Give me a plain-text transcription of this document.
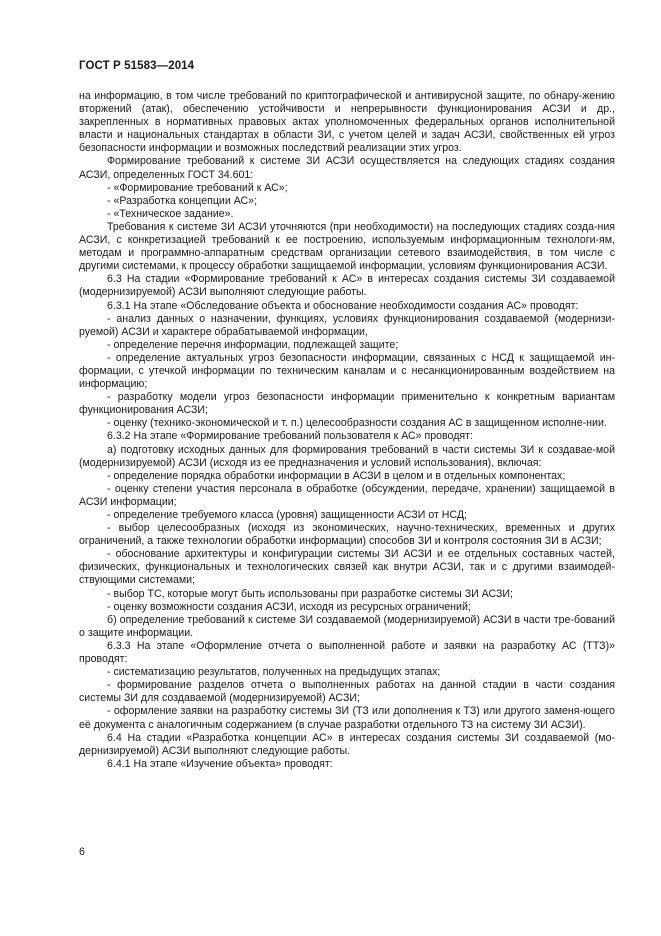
ГОСТ Р 51583—2014

на информацию, в том числе требований по криптографической и антивирусной защите, по обнару-жению вторжений (атак), обеспечению устойчивости и непрерывности функционирования АСЗИ и др., закрепленных в нормативных правовых актах уполномоченных федеральных органов исполнительной власти и национальных стандартах в области ЗИ, с учетом целей и задач АСЗИ, свойственных ей угроз безопасности информации и возможных последствий реализации этих угроз.

Формирование требований к системе ЗИ АСЗИ осуществляется на следующих стадиях создания АСЗИ, определенных ГОСТ 34.601:

- «Формирование требований к АС»;

- «Разработка концепции АС»;

- «Техническое задание».

Требования к системе ЗИ АСЗИ уточняются (при необходимости) на последующих стадиях созда-ния АСЗИ, с конкретизацией требований к ее построению, используемым информационным технологи-ям, методам и программно-аппаратным средствам организации сетевого взаимодействия, в том числе с другими системами, к процессу обработки защищаемой информации, условиям функционирования АСЗИ.

6.3 На стадии «Формирование требований к АС» в интересах создания системы ЗИ создаваемой (модернизируемой) АСЗИ выполняют следующие работы.

6.3.1 На этапе «Обследование объекта и обоснование необходимости создания АС» проводят:

- анализ данных о назначении, функциях, условиях функционирования создаваемой (модернизи-руемой) АСЗИ и характере обрабатываемой информации,

- определение перечня информации, подлежащей защите;

- определение актуальных угроз безопасности информации, связанных с НСД к защищаемой ин-формации, с утечкой информации по техническим каналам и с несанкционированным воздействием на информацию;

- разработку модели угроз безопасности информации применительно к конкретным вариантам функционирования АСЗИ;

- оценку (технико-экономической и т. п.) целесообразности создания АС в защищенном исполне-нии.

6.3.2 На этапе «Формирование требований пользователя к АС» проводят:

а) подготовку исходных данных для формирования требований в части системы ЗИ к создавае-мой (модернизируемой) АСЗИ (исходя из ее предназначения и условий использования), включая:

- определение порядка обработки информации в АСЗИ в целом и в отдельных компонентах;

- оценку степени участия персонала в обработке (обсуждении, передаче, хранении) защищаемой в АСЗИ информации;

- определение требуемого класса (уровня) защищенности АСЗИ от НСД;

- выбор целесообразных (исходя из экономических, научно-технических, временных и других ограничений, а также технологии обработки информации) способов ЗИ и контроля состояния ЗИ в АСЗИ;

- обоснование архитектуры и конфигурации системы ЗИ АСЗИ и ее отдельных составных частей, физических, функциональных и технологических связей как внутри АСЗИ, так и с другими взаимодей-ствующими системами;

- выбор ТС, которые могут быть использованы при разработке системы ЗИ АСЗИ;

- оценку возможности создания АСЗИ, исходя из ресурсных ограничений;

б) определение требований к системе ЗИ создаваемой (модернизируемой) АСЗИ в части тре-бований о защите информации.

6.3.3 На этапе «Оформление отчета о выполненной работе и заявки на разработку АС (ТТЗ)» проводят:

- систематизацию результатов, полученных на предыдущих этапах;

- формирование разделов отчета о выполненных работах на данной стадии в части создания системы ЗИ для создаваемой (модернизируемой) АСЗИ;

- оформление заявки на разработку системы ЗИ (ТЗ или дополнения к ТЗ) или другого заменя-ющего её документа с аналогичным содержанием (в случае разработки отдельного ТЗ на систему ЗИ АСЗИ).

6.4 На стадии «Разработка концепции АС» в интересах создания системы ЗИ создаваемой (мо-дернизируемой) АСЗИ выполняют следующие работы.

6.4.1 На этапе «Изучение объекта» проводят:

6
